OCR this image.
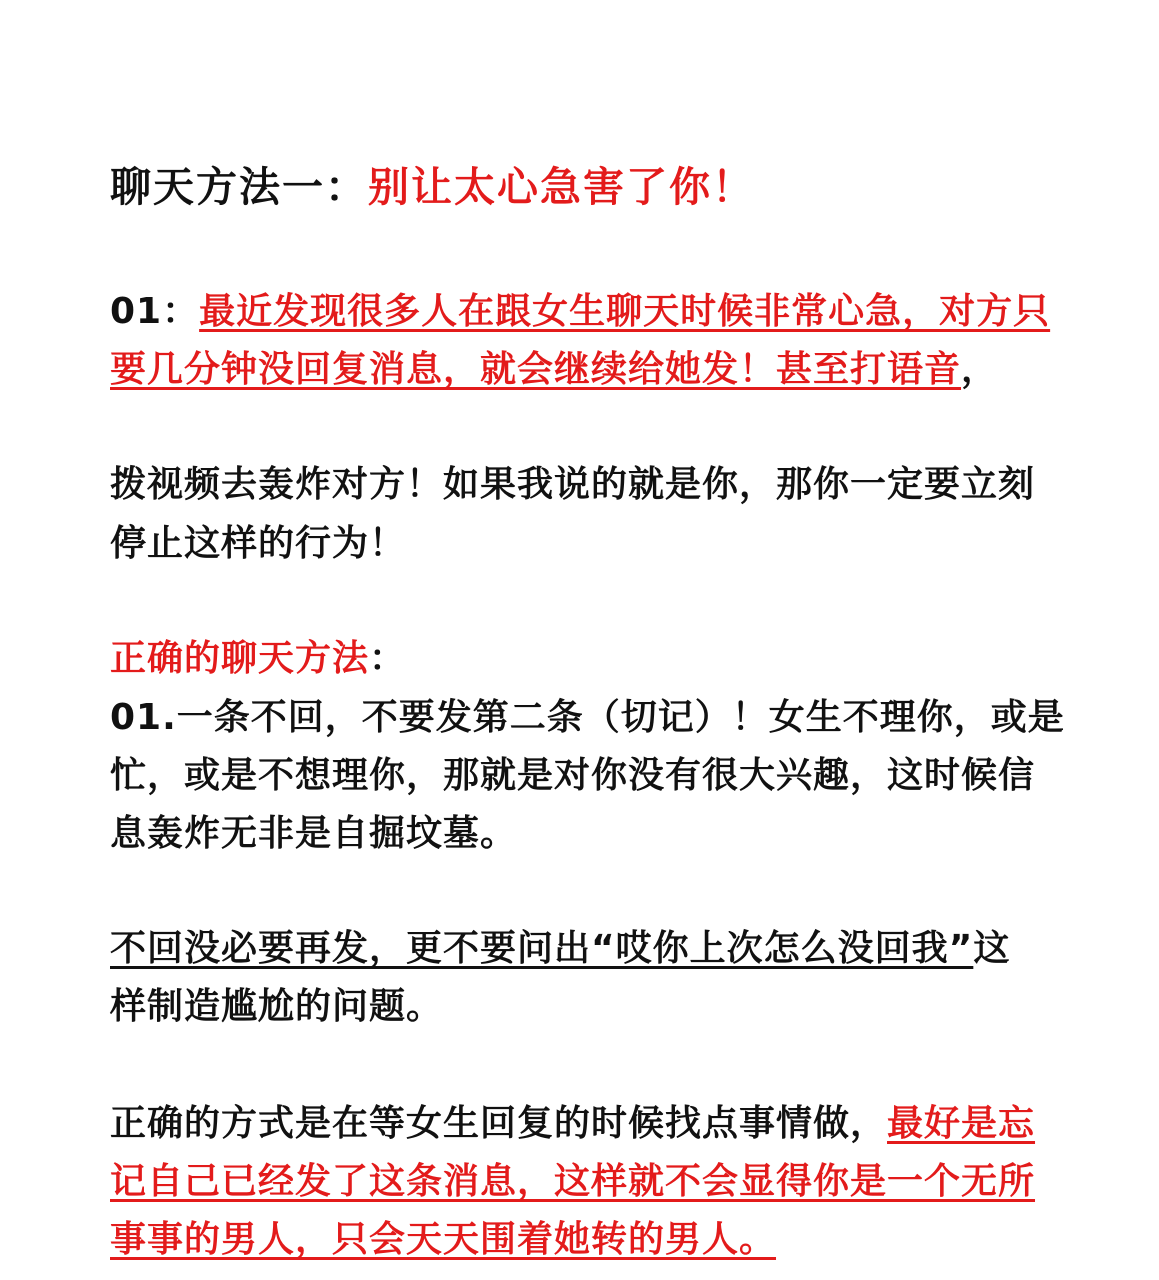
聊天方法一：别让太心急害了你！
01：最近发现很多人在跟女生聊天时候非常心急，对方只
要几分钟没回复消息，就会继续给她发！甚至打语音，
拨视频去轰炸对方！如果我说的就是你，那你一定要立刻
停止这样的行为！
正确的聊天方法：
01.一条不回，不要发第二条（切记）！女生不理你，或是
忙，或是不想理你，那就是对你没有很大兴趣，这时候信
息轰炸无非是自掘坟墓。
不回没必要再发，更不要问出“哎你上次怎么没回我”这
样制造尴尬的问题。
正确的方式是在等女生回复的时候找点事情做，最好是忘
记自己已经发了这条消息，这样就不会显得你是一个无所
事事的男人，只会天天围着她转的男人。
